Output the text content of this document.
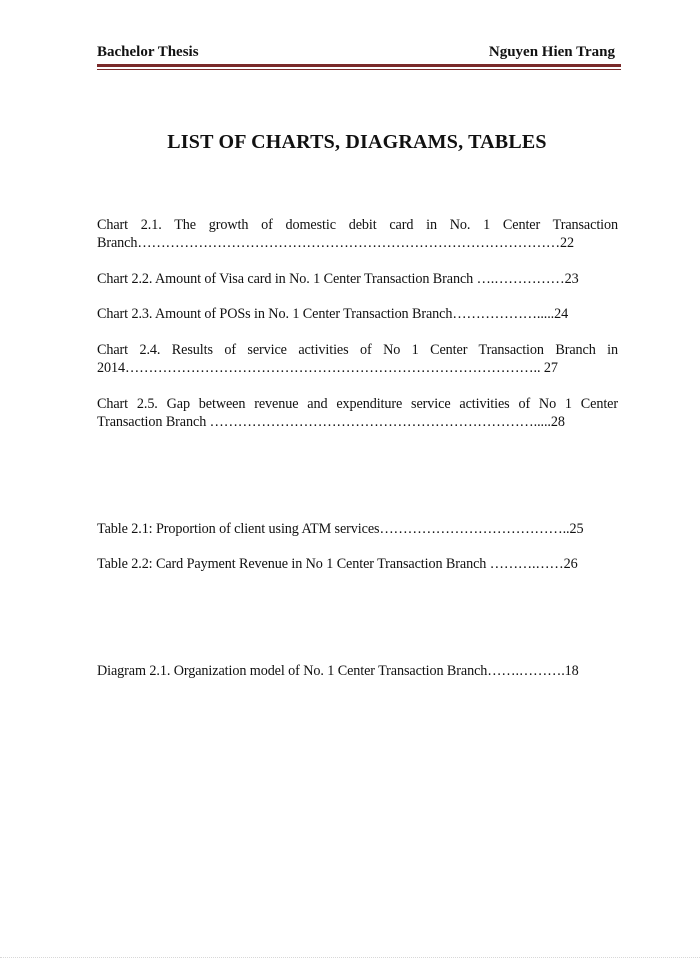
Bachelor Thesis	Nguyen Hien Trang
LIST OF CHARTS, DIAGRAMS, TABLES
Chart 2.1. The growth of domestic debit card in No. 1 Center Transaction Branch………………………………………………………………………………22
Chart 2.2. Amount of Visa card in No. 1 Center Transaction Branch ….……………23
Chart 2.3. Amount of POSs in No. 1 Center Transaction Branch……………….....24
Chart 2.4. Results of service activities of No 1 Center Transaction Branch in 2014…………………………………………………………………………….. 27
Chart 2.5. Gap between revenue and expenditure service activities of No 1 Center Transaction Branch …………………………………………………………….....28
Table 2.1: Proportion of client using ATM services…………………………………..25
Table 2.2: Card Payment Revenue in No 1 Center Transaction Branch ……….……26
Diagram 2.1. Organization model of No. 1 Center Transaction Branch…….……….18
